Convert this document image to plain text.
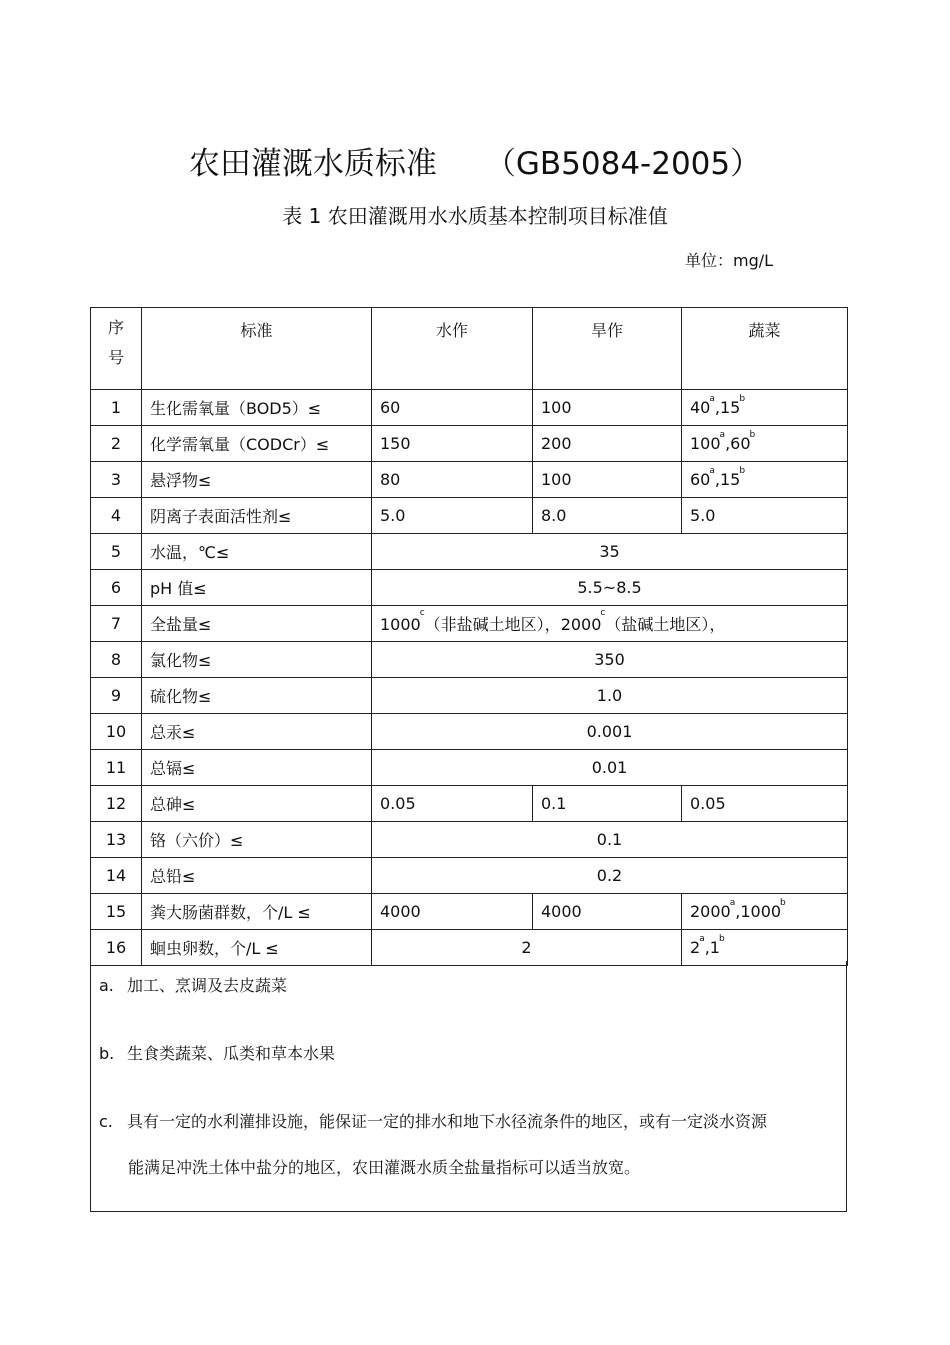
农田灌溉水质标准 （GB5084-2005）
表 1 农田灌溉用水水质基本控制项目标准值
单位：mg/L
序
号	标准	水作	旱作	蔬菜
1	生化需氧量（BOD5）≤	60	100	40$^a$,15$^b$
2	化学需氧量（CODCr）≤	150	200	100$^a$,60$^b$
3	悬浮物≤	80	100	60$^a$,15$^b$
4	阴离子表面活性剂≤	5.0	8.0	5.0
5	水温，℃≤	35		
6	pH 值≤	5.5~8.5		
7	全盐量≤	$1000^c$（非盐碱土地区），2000$^c$（盐碱土地区），		
8	氯化物≤	350		
9	硫化物≤	1.0		
10	总汞≤	0.001		
11	总镉≤	0.01		
12	总砷≤	0.05	0.1	0.05
13	铬（六价）≤	0.1		
14	总铅≤	0.2		
15	粪大肠菌群数，个/L ≤	4000	4000	2000$^a$,1000$^b$
16	蛔虫卵数，个/L ≤	2		2$^a$,1$^b$
a. 加工、烹调及去皮蔬菜
b. 生食类蔬菜、瓜类和草本水果
c. 具有一定的水利灌排设施，能保证一定的排水和地下水径流条件的地区，或有一定淡水资源
能满足冲洗土体中盐分的地区，农田灌溉水质全盐量指标可以适当放宽。
